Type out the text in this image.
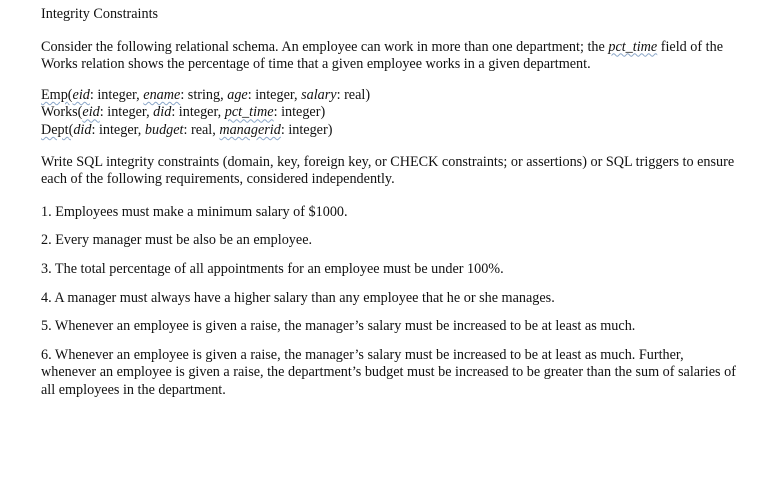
Integrity Constraints

Consider the following relational schema. An employee can work in more than one department; the pct_time field of the Works relation shows the percentage of time that a given employee works in a given department.

Emp(eid: integer, ename: string, age: integer, salary: real)
Works(eid: integer, did: integer, pct_time: integer)
Dept(did: integer, budget: real, managerid: integer)

Write SQL integrity constraints (domain, key, foreign key, or CHECK constraints; or assertions) or SQL triggers to ensure each of the following requirements, considered independently.

1. Employees must make a minimum salary of $1000.
2. Every manager must be also be an employee.
3. The total percentage of all appointments for an employee must be under 100%.
4. A manager must always have a higher salary than any employee that he or she manages.
5. Whenever an employee is given a raise, the manager’s salary must be increased to be at least as much.
6. Whenever an employee is given a raise, the manager’s salary must be increased to be at least as much. Further, whenever an employee is given a raise, the department’s budget must be increased to be greater than the sum of salaries of all employees in the department.
